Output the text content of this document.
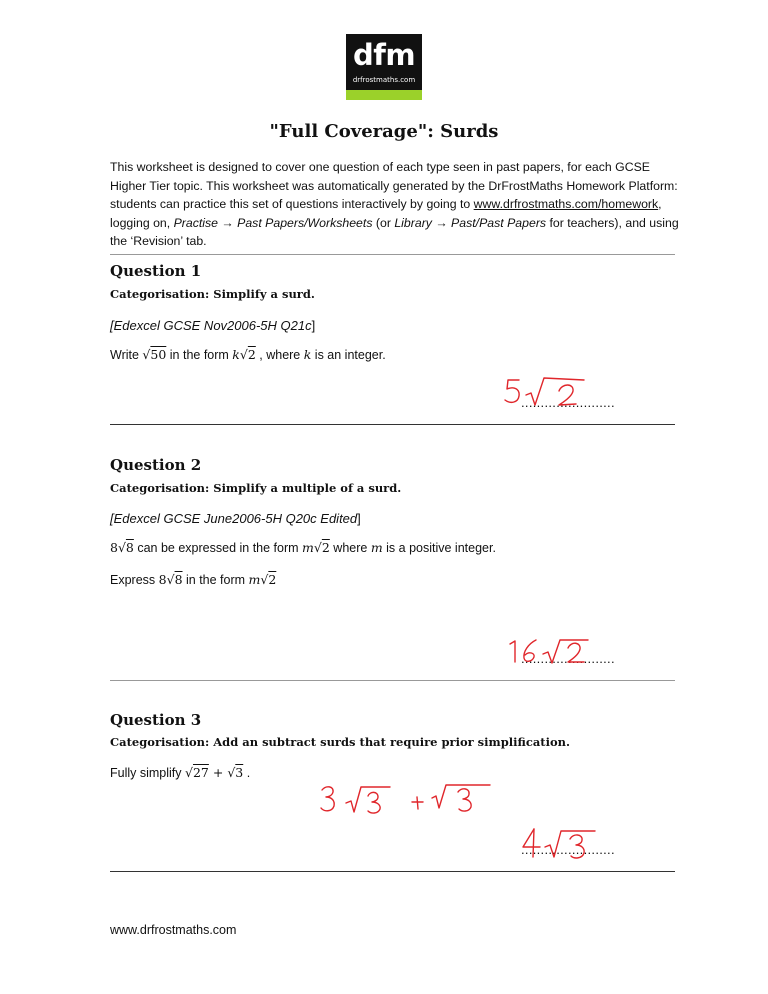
dfm
drfrostmaths.com
"Full Coverage": Surds

This worksheet is designed to cover one question of each type seen in past papers, for each GCSE Higher Tier topic. This worksheet was automatically generated by the DrFrostMaths Homework Platform: students can practice this set of questions interactively by going to www.drfrostmaths.com/homework, logging on, Practise → Past Papers/Worksheets (or Library → Past/Past Papers for teachers), and using the ‘Revision’ tab.

Question 1
Categorisation: Simplify a surd.
[Edexcel GCSE Nov2006-5H Q21c]
Write √50 in the form k√2 , where k is an integer.
........................
Question 2
Categorisation: Simplify a multiple of a surd.
[Edexcel GCSE June2006-5H Q20c Edited]
8√8 can be expressed in the form m√2 where m is a positive integer.
Express 8√8 in the form m√2
........................
Question 3
Categorisation: Add an subtract surds that require prior simplification.
Fully simplify √27 + √3 .
........................
www.drfrostmaths.com
